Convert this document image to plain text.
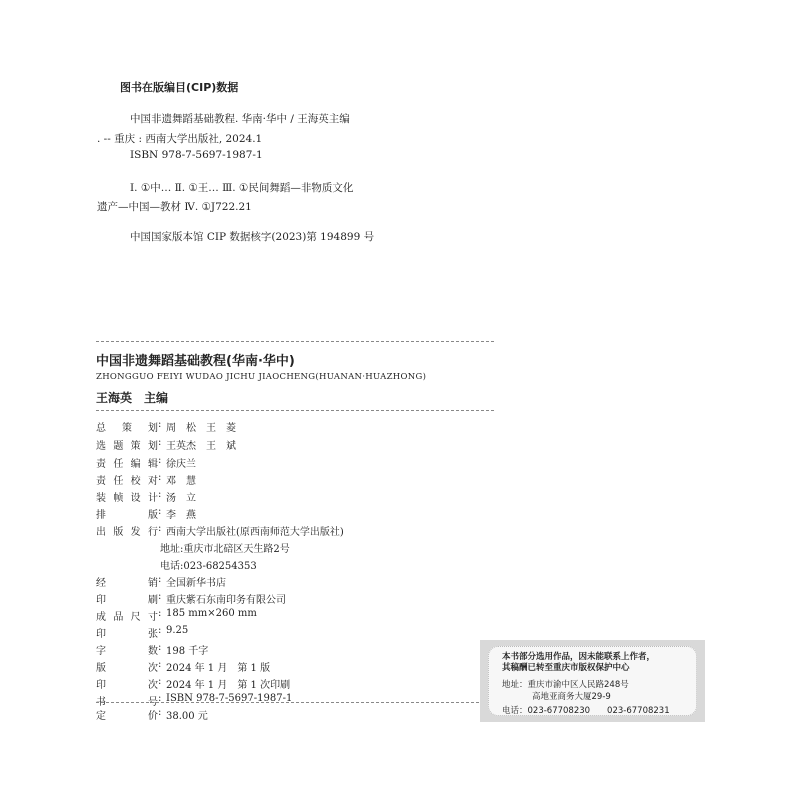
图书在版编目(CIP)数据
中国非遗舞蹈基础教程. 华南·华中 / 王海英主编
. -- 重庆 : 西南大学出版社, 2024.1
ISBN 978-7-5697-1987-1
Ⅰ. ①中… Ⅱ. ①王… Ⅲ. ①民间舞蹈—非物质文化
遗产—中国—教材 Ⅳ. ①J722.21
中国国家版本馆 CIP 数据核字(2023)第 194899 号
中国非遗舞蹈基础教程(华南·华中)
ZHONGGUO FEIYI WUDAO JICHU JIAOCHENG(HUANAN·HUAZHONG)
王海英　主编
总 策 划 : 周　松　王　菱
选 题 策 划 : 王英杰　王　斌
责 任 编 辑 : 徐庆兰
责 任 校 对 : 邓　慧
装 帧 设 计 : 汤　立
排	版 : 李　燕
出 版 发 行 : 西南大学出版社(原西南师范大学出版社)
地址:重庆市北碚区天生路2号
电话:023-68254353
经	销 : 全国新华书店
印	刷 : 重庆紫石东南印务有限公司
成 品 尺 寸 : 185 mm×260 mm
印	张 : 9.25
字	数 : 198 千字
版	次 : 2024 年 1 月　第 1 版
印	次 : 2024 年 1 月　第 1 次印刷
书	号 : ISBN 978-7-5697-1987-1
定	价 : 38.00 元
本书部分选用作品，因未能联系上作者，
其稿酬已转至重庆市版权保护中心
地址：重庆市渝中区人民路248号
高地亚商务大厦29-9
电话：023-67708230　　023-67708231
